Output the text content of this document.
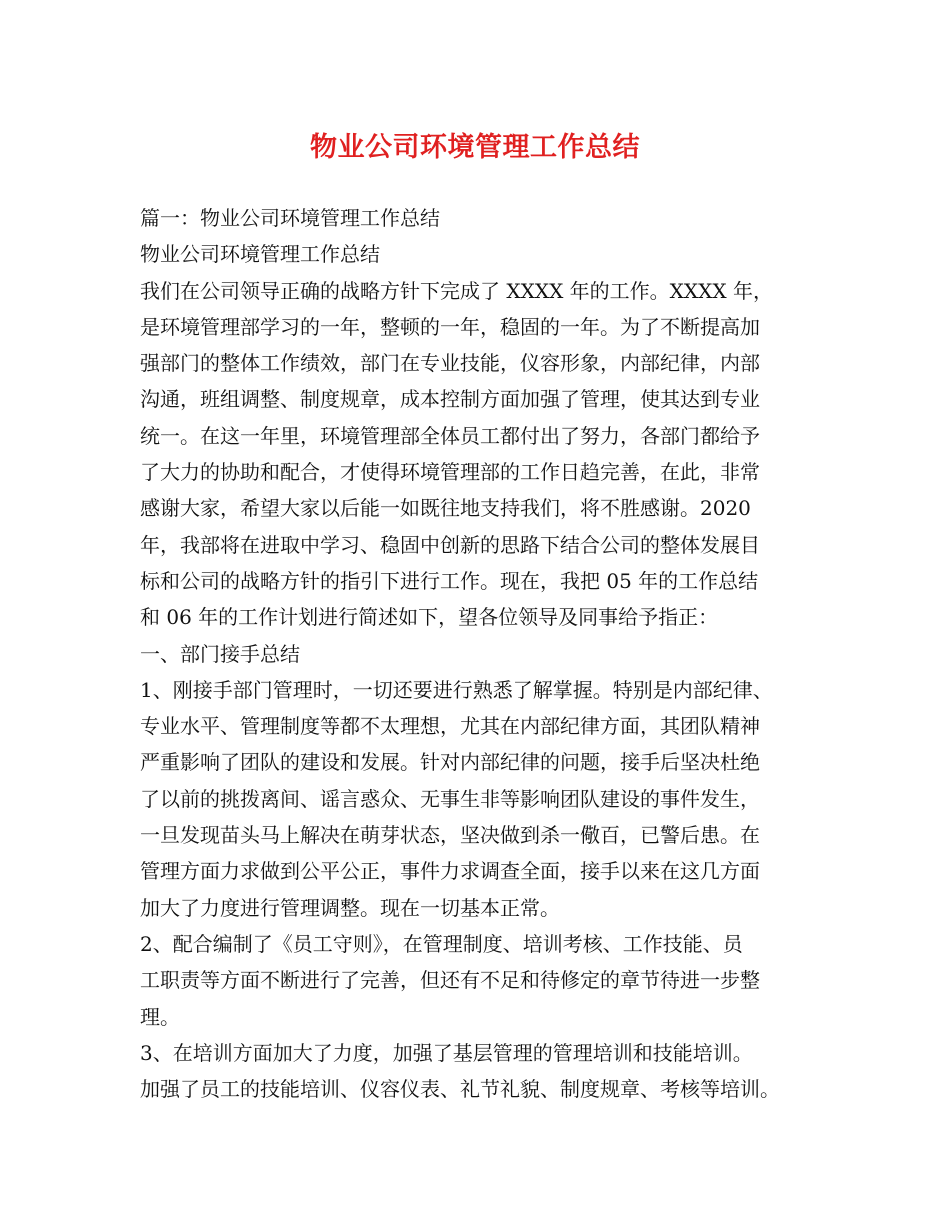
物业公司环境管理工作总结
篇一：物业公司环境管理工作总结
物业公司环境管理工作总结
我们在公司领导正确的战略方针下完成了 XXXX 年的工作。XXXX 年，
是环境管理部学习的一年，整顿的一年，稳固的一年。为了不断提高加
强部门的整体工作绩效，部门在专业技能，仪容形象，内部纪律，内部
沟通，班组调整、制度规章，成本控制方面加强了管理，使其达到专业
统一。在这一年里，环境管理部全体员工都付出了努力，各部门都给予
了大力的协助和配合，才使得环境管理部的工作日趋完善，在此，非常
感谢大家，希望大家以后能一如既往地支持我们，将不胜感谢。2020
年，我部将在进取中学习、稳固中创新的思路下结合公司的整体发展目
标和公司的战略方针的指引下进行工作。现在，我把 05 年的工作总结
和 06 年的工作计划进行简述如下，望各位领导及同事给予指正：
一、部门接手总结
1、刚接手部门管理时，一切还要进行熟悉了解掌握。特别是内部纪律、
专业水平、管理制度等都不太理想，尤其在内部纪律方面，其团队精神
严重影响了团队的建设和发展。针对内部纪律的问题，接手后坚决杜绝
了以前的挑拨离间、谣言惑众、无事生非等影响团队建设的事件发生，
一旦发现苗头马上解决在萌芽状态，坚决做到杀一儆百，已警后患。在
管理方面力求做到公平公正，事件力求调查全面，接手以来在这几方面
加大了力度进行管理调整。现在一切基本正常。
2、配合编制了《员工守则》，在管理制度、培训考核、工作技能、员
工职责等方面不断进行了完善，但还有不足和待修定的章节待进一步整
理。
3、在培训方面加大了力度，加强了基层管理的管理培训和技能培训。
加强了员工的技能培训、仪容仪表、礼节礼貌、制度规章、考核等培训。
